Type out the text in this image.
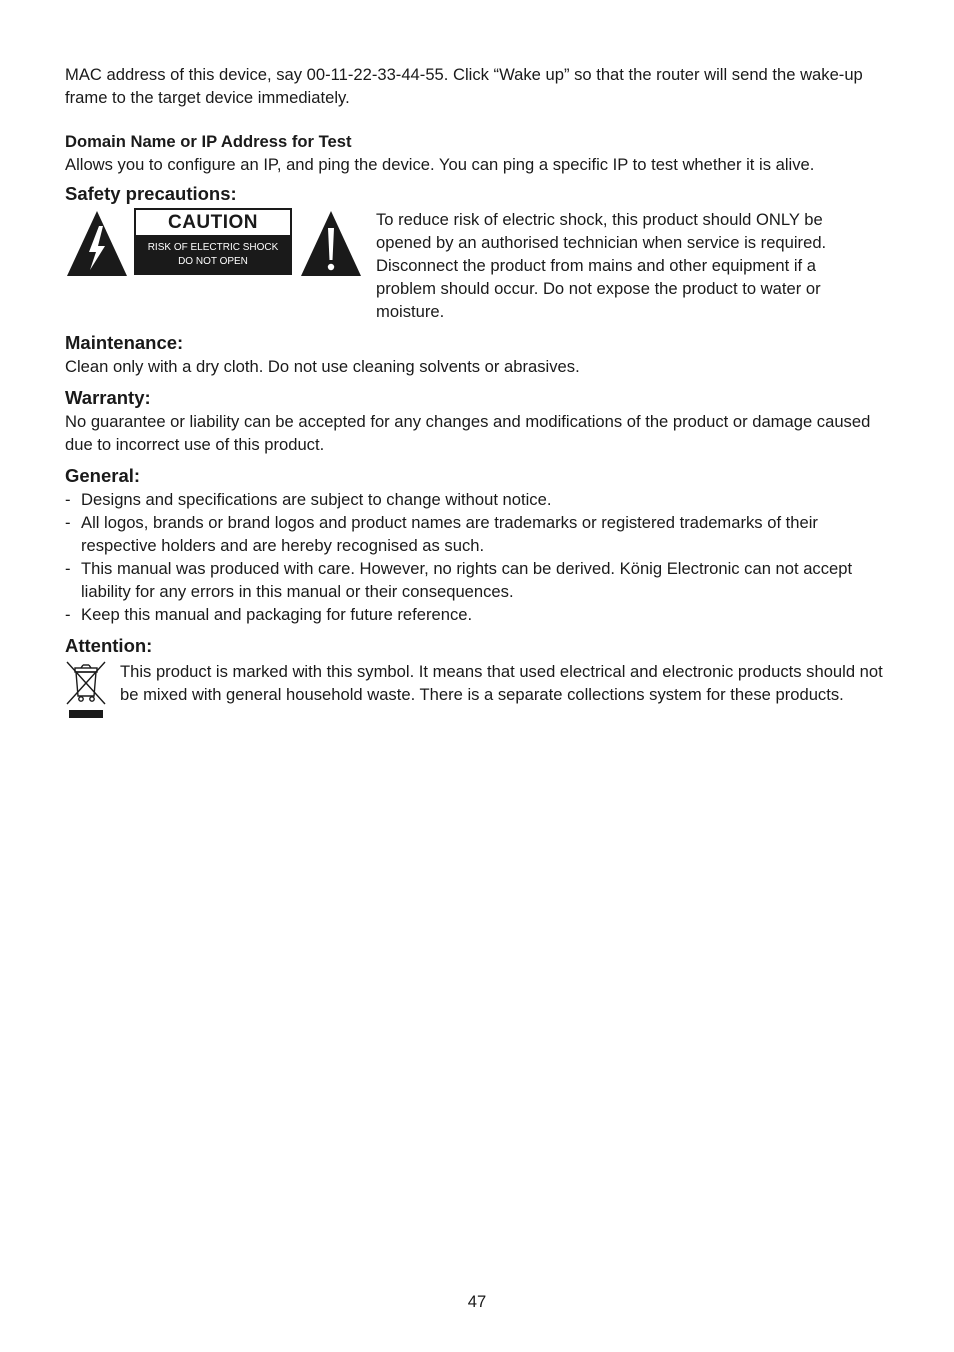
MAC address of this device, say 00-11-22-33-44-55. Click “Wake up” so that the router will send the wake-up frame to the target device immediately.

Domain Name or IP Address for Test

Allows you to configure an IP, and ping the device. You can ping a specific IP to test whether it is alive.

Safety precautions:
CAUTION
RISK OF ELECTRIC SHOCK
DO NOT OPEN

To reduce risk of electric shock, this product should ONLY be opened by an authorised technician when service is required. Disconnect the product from mains and other equipment if a problem should occur. Do not expose the product to water or moisture.

Maintenance:

Clean only with a dry cloth. Do not use cleaning solvents or abrasives.

Warranty:

No guarantee or liability can be accepted for any changes and modifications of the product or damage caused due to incorrect use of this product.

General:
- Designs and specifications are subject to change without notice.
- All logos, brands or brand logos and product names are trademarks or registered trademarks of their respective holders and are hereby recognised as such.
- This manual was produced with care. However, no rights can be derived. König Electronic can not accept liability for any errors in this manual or their consequences.
- Keep this manual and packaging for future reference.
Attention:

This product is marked with this symbol. It means that used electrical and electronic products should not be mixed with general household waste. There is a separate collections system for these products.

47
